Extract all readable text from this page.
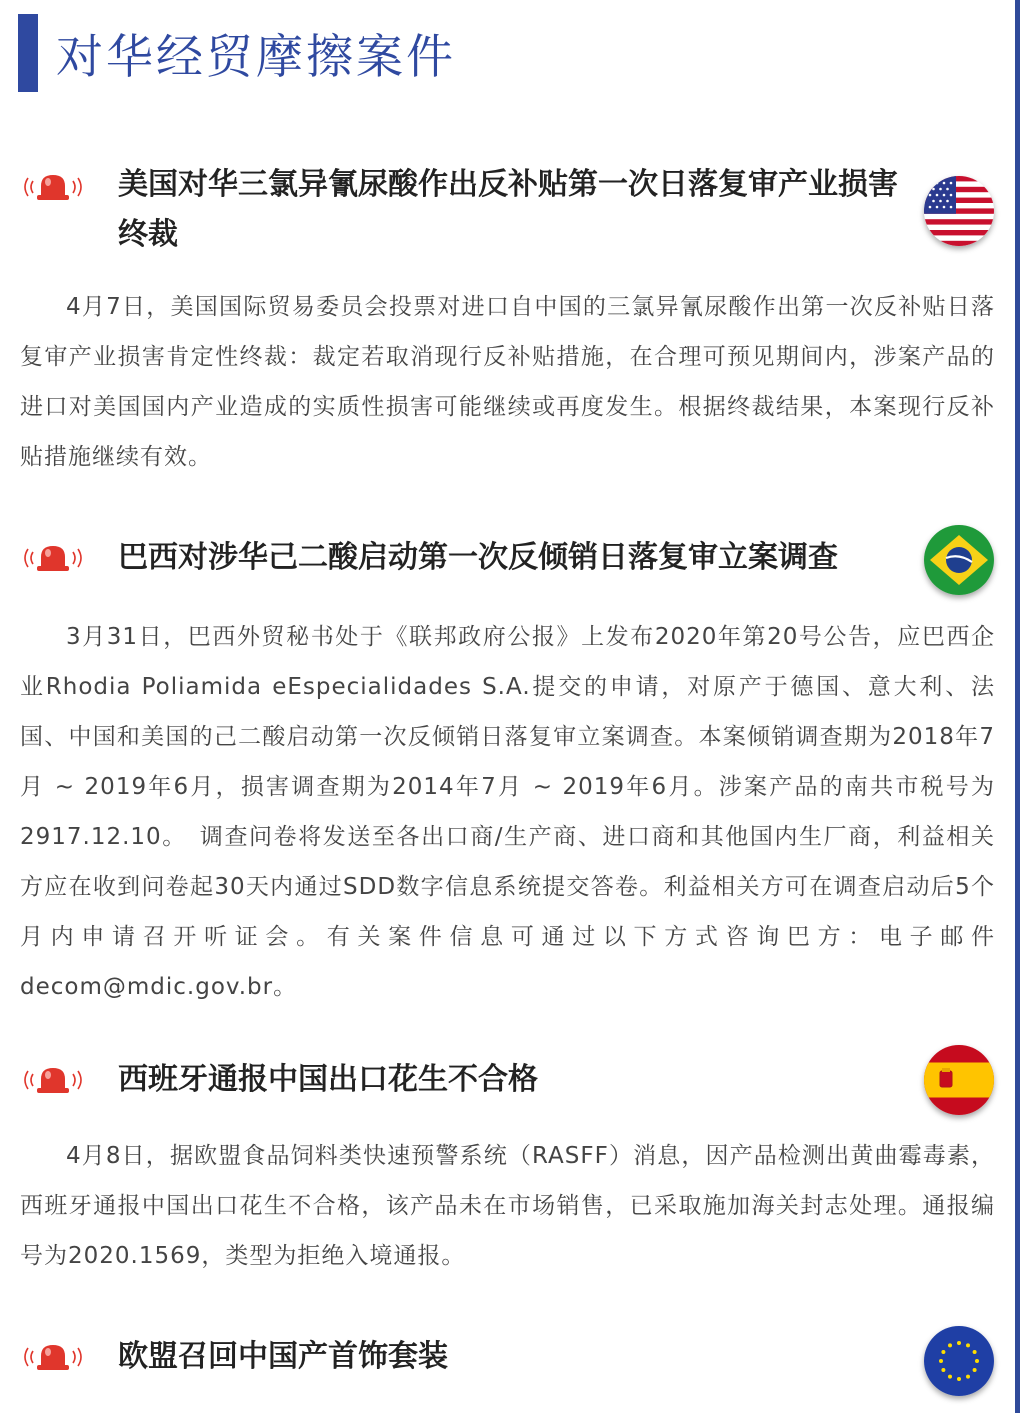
对华经贸摩擦案件
美国对华三氯异氰尿酸作出反补贴第一次日落复审产业损害终裁

4月7日，美国国际贸易委员会投票对进口自中国的三氯异氰尿酸作出第一次反补贴日落复审产业损害肯定性终裁：裁定若取消现行反补贴措施，在合理可预见期间内，涉案产品的进口对美国国内产业造成的实质性损害可能继续或再度发生。根据终裁结果，本案现行反补贴措施继续有效。

巴西对涉华己二酸启动第一次反倾销日落复审立案调查

3月31日，巴西外贸秘书处于《联邦政府公报》上发布2020年第20号公告，应巴西企业Rhodia Poliamida eEspecialidades S.A.提交的申请，对原产于德国、意大利、法国、中国和美国的己二酸启动第一次反倾销日落复审立案调查。本案倾销调查期为2018年7月 ~ 2019年6月，损害调查期为2014年7月 ~ 2019年6月。涉案产品的南共市税号为2917.12.10。　调查问卷将发送至各出口商/生产商、进口商和其他国内生厂商，利益相关方应在收到问卷起30天内通过SDD数字信息系统提交答卷。利益相关方可在调查启动后5个月内申请召开听证会。有关案件信息可通过以下方式咨询巴方：电子邮件decom@mdic.gov.br。

西班牙通报中国出口花生不合格

4月8日，据欧盟食品饲料类快速预警系统（RASFF）消息，因产品检测出黄曲霉毒素，西班牙通报中国出口花生不合格，该产品未在市场销售，已采取施加海关封志处理。通报编号为2020.1569，类型为拒绝入境通报。

欧盟召回中国产首饰套装
